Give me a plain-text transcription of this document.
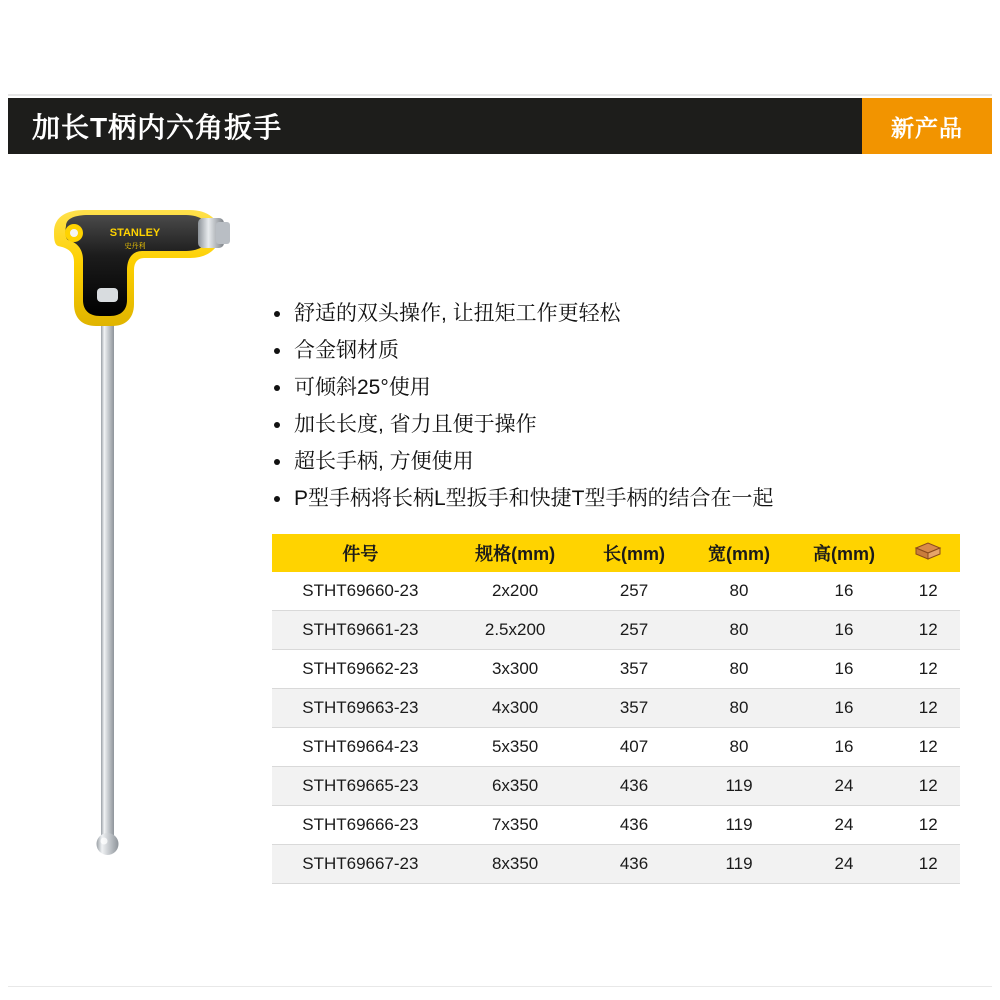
加长T柄内六角扳手	新产品
STANLEY
史丹利
舒适的双头操作, 让扭矩工作更轻松
合金钢材质
可倾斜25°使用
加长长度, 省力且便于操作
超长手柄, 方便使用
P型手柄将长柄L型扳手和快捷T型手柄的结合在一起
件号	规格(mm)	长(mm)	宽(mm)	高(mm)	
STHT69660-23	2x200	257	80	16	12
STHT69661-23	2.5x200	257	80	16	12
STHT69662-23	3x300	357	80	16	12
STHT69663-23	4x300	357	80	16	12
STHT69664-23	5x350	407	80	16	12
STHT69665-23	6x350	436	119	24	12
STHT69666-23	7x350	436	119	24	12
STHT69667-23	8x350	436	119	24	12
